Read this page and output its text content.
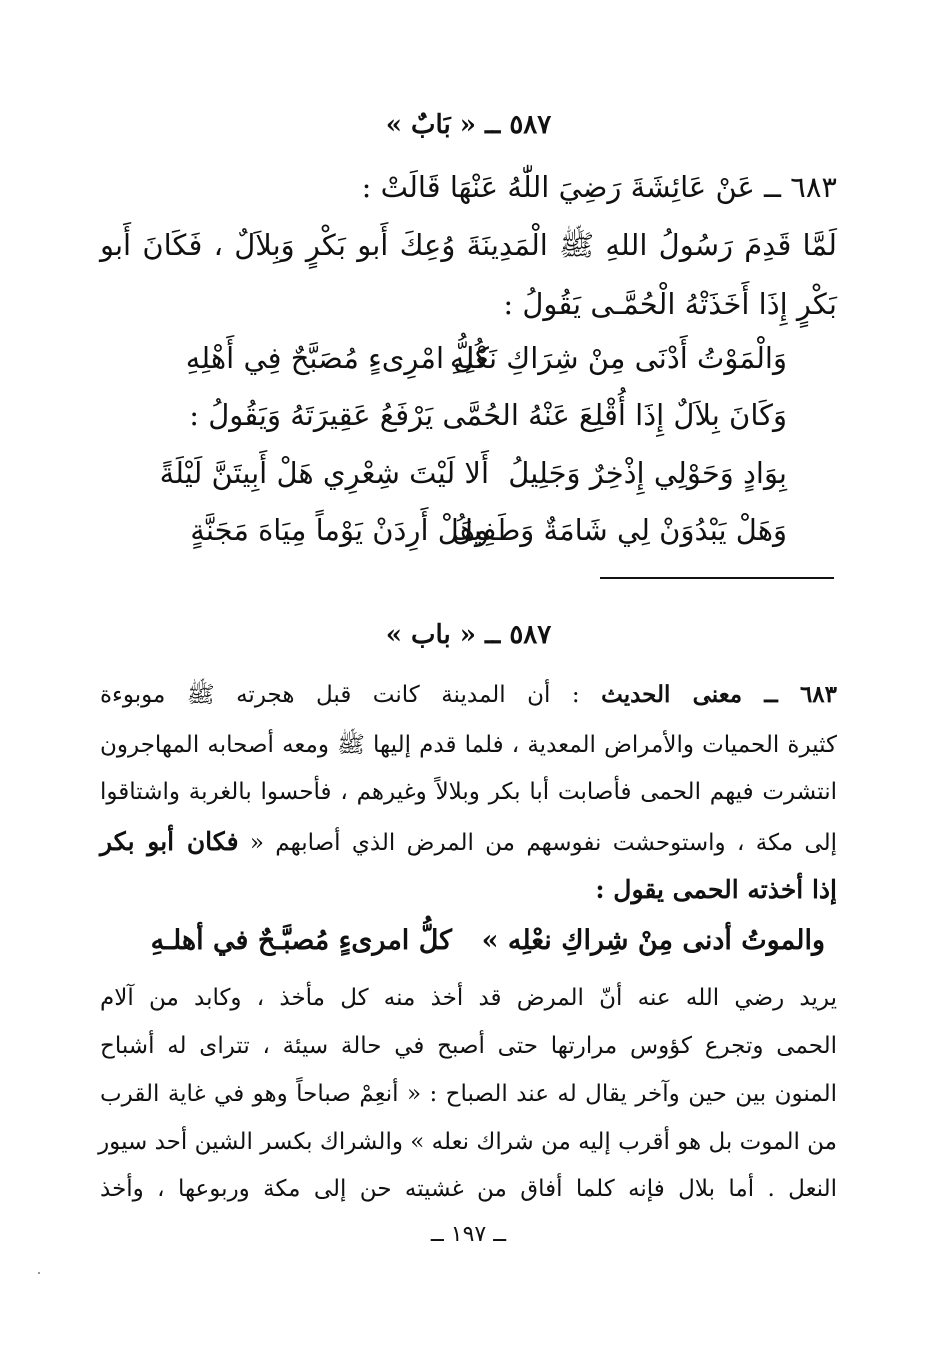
٥٨٧ ــ « بَابٌ »
٦٨٣ ــ عَنْ عَائِشَةَ رَضِيَ اللّٰهُ عَنْهَا قَالَتْ :
لَمَّا قَدِمَ رَسُولُ اللهِ ﷺ الْمَدِينَةَ وُعِكَ أَبو بَكْرٍ وَبِلاَلٌ ، فَكَانَ أَبو
بَكْرٍ إِذَا أَخَذَتْهُ الْحُمَّـى يَقُولُ :
كُلُّ امْرِىءٍ مُصَبَّحٌ فِي أَهْلِهِ
وَالْمَوْتُ أَدْنَى مِنْ شِرَاكِ نَعْلِهِ
وَكَانَ بِلاَلٌ إِذَا أُقْلِعَ عَنْهُ الحُمَّى يَرْفَعُ عَقِيرَتَهُ وَيَقُولُ :
أَلا لَيْتَ شِعْرِي هَلْ أَبِيتَنَّ لَيْلَةً بِوَادٍ وَحَوْلِي إِذْخِرٌ وَجَلِيلُ
وهَلْ أَرِدَنْ يَوْماً مِيَاهَ مَجَنَّةٍ
وَهَلْ يَبْدُوَنْ لِي شَامَةٌ وَطَفِيلُ
٥٨٧ ــ « باب »
٦٨٣ ــ معنى الحديث : أن المدينة كانت قبل هجرته ﷺ موبوءة
كثيرة الحميات والأمراض المعدية ، فلما قدم إليها ﷺ ومعه أصحابه المهاجرون
انتشرت فيهم الحمى فأصابت أبا بكر وبلالاً وغيرهم ، فأحسوا بالغربة واشتاقوا
إلى مكة ، واستوحشت نفوسهم من المرض الذي أصابهم « فكان أبو بكر
إذا أخذته الحمى يقول :
كلُّ امرىءٍ مُصبَّـحٌ في أهلـهِ والموتُ أدنى مِنْ شِراكِ نعْلِه »
يريد رضي الله عنه أنّ المرض قد أخذ منه كل مأخذ ، وكابد من آلام
الحمى وتجرع كؤوس مرارتها حتى أصبح في حالة سيئة ، تتراى له أشباح
المنون بين حين وآخر يقال له عند الصباح : « أنعِمْ صباحاً وهو في غاية القرب
من الموت بل هو أقرب إليه من شراك نعله » والشراك بكسر الشين أحد سيور
النعل . أما بلال فإنه كلما أفاق من غشيته حن إلى مكة وربوعها ، وأخذ
ــ ١٩٧ ــ
